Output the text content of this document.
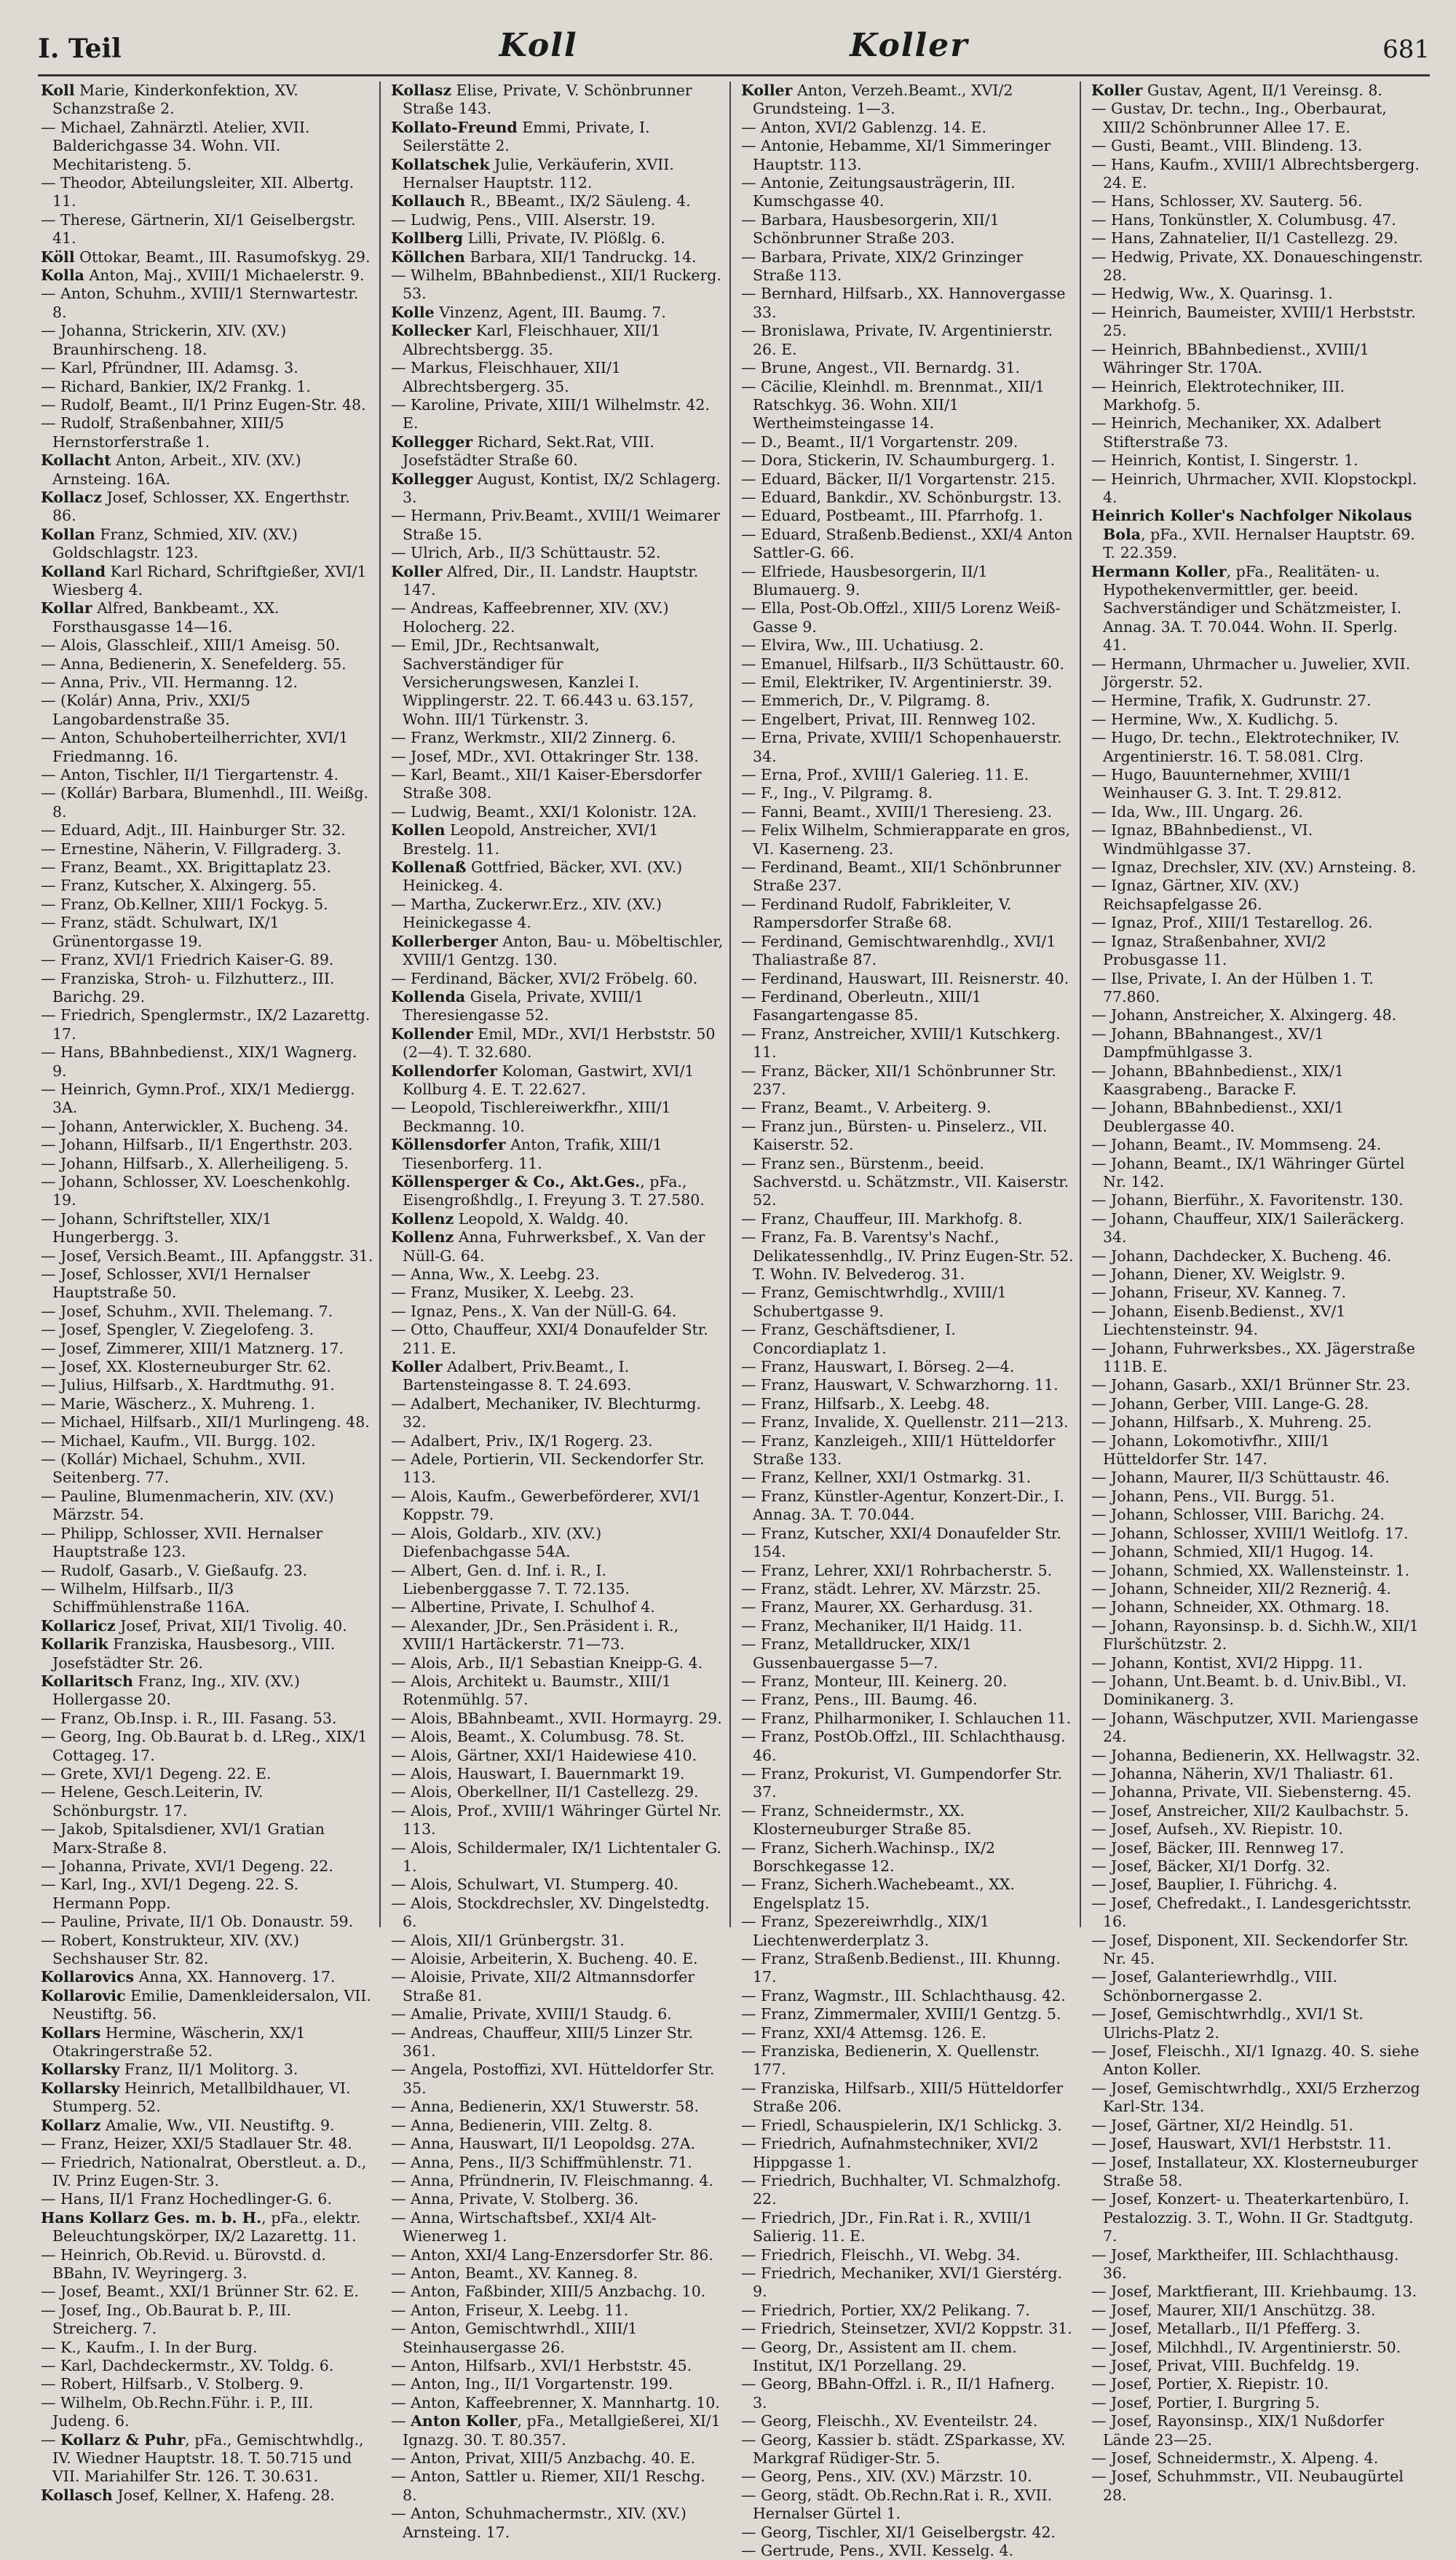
I. Teil	Koll	Koller	681

Koll Marie, Kinderkonfektion, XV. Schanzstraße 2.

— Michael, Zahnärztl. Atelier, XVII. Balderichgasse 34. Wohn. VII. Mechitaristeng. 5.

— Theodor, Abteilungsleiter, XII. Albertg. 11.

— Therese, Gärtnerin, XI/1 Geiselbergstr. 41.

Köll Ottokar, Beamt., III. Rasumofskyg. 29.

Kolla Anton, Maj., XVIII/1 Michaelerstr. 9.

— Anton, Schuhm., XVIII/1 Sternwartestr. 8.

— Johanna, Strickerin, XIV. (XV.) Braunhirscheng. 18.

— Karl, Pfründner, III. Adamsg. 3.

— Richard, Bankier, IX/2 Frankg. 1.

— Rudolf, Beamt., II/1 Prinz Eugen-Str. 48.

— Rudolf, Straßenbahner, XIII/5 Hernstorferstraße 1.

Kollacht Anton, Arbeit., XIV. (XV.) Arnsteing. 16A.

Kollacz Josef, Schlosser, XX. Engerthstr. 86.

Kollan Franz, Schmied, XIV. (XV.) Goldschlagstr. 123.

Kolland Karl Richard, Schriftgießer, XVI/1 Wiesberg 4.

Kollar Alfred, Bankbeamt., XX. Forsthausgasse 14—16.

— Alois, Glasschleif., XIII/1 Ameisg. 50.

— Anna, Bedienerin, X. Senefelderg. 55.

— Anna, Priv., VII. Hermanng. 12.

— (Kolár) Anna, Priv., XXI/5 Langobardenstraße 35.

— Anton, Schuhoberteilherrichter, XVI/1 Friedmanng. 16.

— Anton, Tischler, II/1 Tiergartenstr. 4.

— (Kollár) Barbara, Blumenhdl., III. Weißg. 8.

— Eduard, Adjt., III. Hainburger Str. 32.

— Ernestine, Näherin, V. Fillgraderg. 3.

— Franz, Beamt., XX. Brigittaplatz 23.

— Franz, Kutscher, X. Alxingerg. 55.

— Franz, Ob.Kellner, XIII/1 Fockyg. 5.

— Franz, städt. Schulwart, IX/1 Grünentorgasse 19.

— Franz, XVI/1 Friedrich Kaiser-G. 89.

— Franziska, Stroh- u. Filzhutterz., III. Barichg. 29.

— Friedrich, Spenglermstr., IX/2 Lazarettg. 17.

— Hans, BBahnbedienst., XIX/1 Wagnerg. 9.

— Heinrich, Gymn.Prof., XIX/1 Mediergg. 3A.

— Johann, Anterwickler, X. Bucheng. 34.

— Johann, Hilfsarb., II/1 Engerthstr. 203.

— Johann, Hilfsarb., X. Allerheiligeng. 5.

— Johann, Schlosser, XV. Loeschenkohlg. 19.

— Johann, Schriftsteller, XIX/1 Hungerbergg. 3.

— Josef, Versich.Beamt., III. Apfanggstr. 31.

— Josef, Schlosser, XVI/1 Hernalser Hauptstraße 50.

— Josef, Schuhm., XVII. Thelemang. 7.

— Josef, Spengler, V. Ziegelofeng. 3.

— Josef, Zimmerer, XIII/1 Matznerg. 17.

— Josef, XX. Klosterneuburger Str. 62.

— Julius, Hilfsarb., X. Hardtmuthg. 91.

— Marie, Wäscherz., X. Muhreng. 1.

— Michael, Hilfsarb., XII/1 Murlingeng. 48.

— Michael, Kaufm., VII. Burgg. 102.

— (Kollár) Michael, Schuhm., XVII. Seitenberg. 77.

— Pauline, Blumenmacherin, XIV. (XV.) Märzstr. 54.

— Philipp, Schlosser, XVII. Hernalser Hauptstraße 123.

— Rudolf, Gasarb., V. Gießaufg. 23.

— Wilhelm, Hilfsarb., II/3 Schiffmühlenstraße 116A.

Kollaricz Josef, Privat, XII/1 Tivolig. 40.

Kollarik Franziska, Hausbesorg., VIII. Josefstädter Str. 26.

Kollaritsch Franz, Ing., XIV. (XV.) Hollergasse 20.

— Franz, Ob.Insp. i. R., III. Fasang. 53.

— Georg, Ing. Ob.Baurat b. d. LReg., XIX/1 Cottageg. 17.

— Grete, XVI/1 Degeng. 22. E.

— Helene, Gesch.Leiterin, IV. Schönburgstr. 17.

— Jakob, Spitalsdiener, XVI/1 Gratian Marx-Straße 8.

— Johanna, Private, XVI/1 Degeng. 22.

— Karl, Ing., XVI/1 Degeng. 22. S. Hermann Popp.

— Pauline, Private, II/1 Ob. Donaustr. 59.

— Robert, Konstrukteur, XIV. (XV.) Sechshauser Str. 82.

Kollarovics Anna, XX. Hannoverg. 17.

Kollarovic Emilie, Damenkleidersalon, VII. Neustiftg. 56.

Kollars Hermine, Wäscherin, XX/1 Otakringerstraße 52.

Kollarsky Franz, II/1 Molitorg. 3.

Kollarsky Heinrich, Metallbildhauer, VI. Stumperg. 52.

Kollarz Amalie, Ww., VII. Neustiftg. 9.

— Franz, Heizer, XXI/5 Stadlauer Str. 48.

— Friedrich, Nationalrat, Oberstleut. a. D., IV. Prinz Eugen-Str. 3.

— Hans, II/1 Franz Hochedlinger-G. 6.

Hans Kollarz Ges. m. b. H., pFa., elektr. Beleuchtungskörper, IX/2 Lazarettg. 11.

— Heinrich, Ob.Revid. u. Bürovstd. d. BBahn, IV. Weyringerg. 3.

— Josef, Beamt., XXI/1 Brünner Str. 62. E.

— Josef, Ing., Ob.Baurat b. P., III. Streicherg. 7.

— K., Kaufm., I. In der Burg.

— Karl, Dachdeckermstr., XV. Toldg. 6.

— Robert, Hilfsarb., V. Stolberg. 9.

— Wilhelm, Ob.Rechn.Führ. i. P., III. Judeng. 6.

— Kollarz & Puhr, pFa., Gemischtwhdlg., IV. Wiedner Hauptstr. 18. T. 50.715 und VII. Mariahilfer Str. 126. T. 30.631.

Kollasch Josef, Kellner, X. Hafeng. 28.

Kollasz Elise, Private, V. Schönbrunner Straße 143.

Kollato-Freund Emmi, Private, I. Seilerstätte 2.

Kollatschek Julie, Verkäuferin, XVII. Hernalser Hauptstr. 112.

Kollauch R., BBeamt., IX/2 Säuleng. 4.

— Ludwig, Pens., VIII. Alserstr. 19.

Kollberg Lilli, Private, IV. Plößlg. 6.

Köllchen Barbara, XII/1 Tandruckg. 14.

— Wilhelm, BBahnbedienst., XII/1 Ruckerg. 53.

Kolle Vinzenz, Agent, III. Baumg. 7.

Kollecker Karl, Fleischhauer, XII/1 Albrechtsbergg. 35.

— Markus, Fleischhauer, XII/1 Albrechtsbergerg. 35.

— Karoline, Private, XIII/1 Wilhelmstr. 42. E.

Kollegger Richard, Sekt.Rat, VIII. Josefstädter Straße 60.

Kollegger August, Kontist, IX/2 Schlagerg. 3.

— Hermann, Priv.Beamt., XVIII/1 Weimarer Straße 15.

— Ulrich, Arb., II/3 Schüttaustr. 52.

Koller Alfred, Dir., II. Landstr. Hauptstr. 147.

— Andreas, Kaffeebrenner, XIV. (XV.) Holocherg. 22.

— Emil, JDr., Rechtsanwalt, Sachverständiger für Versicherungswesen, Kanzlei I. Wipplingerstr. 22. T. 66.443 u. 63.157, Wohn. III/1 Türkenstr. 3.

— Franz, Werkmstr., XII/2 Zinnerg. 6.

— Josef, MDr., XVI. Ottakringer Str. 138.

— Karl, Beamt., XII/1 Kaiser-Ebersdorfer Straße 308.

— Ludwig, Beamt., XXI/1 Kolonistr. 12A.

Kollen Leopold, Anstreicher, XVI/1 Brestelg. 11.

Kollenaß Gottfried, Bäcker, XVI. (XV.) Heinickeg. 4.

— Martha, Zuckerwr.Erz., XIV. (XV.) Heinickegasse 4.

Kollerberger Anton, Bau- u. Möbeltischler, XVIII/1 Gentzg. 130.

— Ferdinand, Bäcker, XVI/2 Fröbelg. 60.

Kollenda Gisela, Private, XVIII/1 Theresiengasse 52.

Kollender Emil, MDr., XVI/1 Herbststr. 50 (2—4). T. 32.680.

Kollendorfer Koloman, Gastwirt, XVI/1 Kollburg 4. E. T. 22.627.

— Leopold, Tischlereiwerkfhr., XIII/1 Beckmanng. 10.

Köllensdorfer Anton, Trafik, XIII/1 Tiesenborferg. 11.

Köllensperger & Co., Akt.Ges., pFa., Eisengroßhdlg., I. Freyung 3. T. 27.580.

Kollenz Leopold, X. Waldg. 40.

Kollenz Anna, Fuhrwerksbef., X. Van der Nüll-G. 64.

— Anna, Ww., X. Leebg. 23.

— Franz, Musiker, X. Leebg. 23.

— Ignaz, Pens., X. Van der Nüll-G. 64.

— Otto, Chauffeur, XXI/4 Donaufelder Str. 211. E.

Koller Adalbert, Priv.Beamt., I. Bartensteingasse 8. T. 24.693.

— Adalbert, Mechaniker, IV. Blechturmg. 32.

— Adalbert, Priv., IX/1 Rogerg. 23.

— Adele, Portierin, VII. Seckendorfer Str. 113.

— Alois, Kaufm., Gewerbeförderer, XVI/1 Koppstr. 79.

— Alois, Goldarb., XIV. (XV.) Diefenbachgasse 54A.

— Albert, Gen. d. Inf. i. R., I. Liebenberggasse 7. T. 72.135.

— Albertine, Private, I. Schulhof 4.

— Alexander, JDr., Sen.Präsident i. R., XVIII/1 Hartäckerstr. 71—73.

— Alois, Arb., II/1 Sebastian Kneipp-G. 4.

— Alois, Architekt u. Baumstr., XIII/1 Rotenmühlg. 57.

— Alois, BBahnbeamt., XVII. Hormayrg. 29.

— Alois, Beamt., X. Columbusg. 78. St.

— Alois, Gärtner, XXI/1 Haidewiese 410.

— Alois, Hauswart, I. Bauernmarkt 19.

— Alois, Oberkellner, II/1 Castellezg. 29.

— Alois, Prof., XVIII/1 Währinger Gürtel Nr. 113.

— Alois, Schildermaler, IX/1 Lichtentaler G. 1.

— Alois, Schulwart, VI. Stumperg. 40.

— Alois, Stockdrechsler, XV. Dingelstedtg. 6.

— Alois, XII/1 Grünbergstr. 31.

— Aloisie, Arbeiterin, X. Bucheng. 40. E.

— Aloisie, Private, XII/2 Altmannsdorfer Straße 81.

— Amalie, Private, XVIII/1 Staudg. 6.

— Andreas, Chauffeur, XIII/5 Linzer Str. 361.

— Angela, Postoffizi, XVI. Hütteldorfer Str. 35.

— Anna, Bedienerin, XX/1 Stuwerstr. 58.

— Anna, Bedienerin, VIII. Zeltg. 8.

— Anna, Hauswart, II/1 Leopoldsg. 27A.

— Anna, Pens., II/3 Schiffmühlenstr. 71.

— Anna, Pfründnerin, IV. Fleischmanng. 4.

— Anna, Private, V. Stolberg. 36.

— Anna, Wirtschaftsbef., XXI/4 Alt-Wienerweg 1.

— Anton, XXI/4 Lang-Enzersdorfer Str. 86.

— Anton, Beamt., XV. Kanneg. 8.

— Anton, Faßbinder, XIII/5 Anzbachg. 10.

— Anton, Friseur, X. Leebg. 11.

— Anton, Gemischtwrhdl., XIII/1 Steinhausergasse 26.

— Anton, Hilfsarb., XVI/1 Herbststr. 45.

— Anton, Ing., II/1 Vorgartenstr. 199.

— Anton, Kaffeebrenner, X. Mannhartg. 10.

— Anton Koller, pFa., Metallgießerei, XI/1 Ignazg. 30. T. 80.357.

— Anton, Privat, XIII/5 Anzbachg. 40. E.

— Anton, Sattler u. Riemer, XII/1 Reschg. 8.

— Anton, Schuhmachermstr., XIV. (XV.) Arnsteing. 17.

Koller Anton, Verzeh.Beamt., XVI/2 Grundsteing. 1—3.

— Anton, XVI/2 Gablenzg. 14. E.

— Antonie, Hebamme, XI/1 Simmeringer Hauptstr. 113.

— Antonie, Zeitungsausträgerin, III. Kumschgasse 40.

— Barbara, Hausbesorgerin, XII/1 Schönbrunner Straße 203.

— Barbara, Private, XIX/2 Grinzinger Straße 113.

— Bernhard, Hilfsarb., XX. Hannovergasse 33.

— Bronislawa, Private, IV. Argentinierstr. 26. E.

— Brune, Angest., VII. Bernardg. 31.

— Cäcilie, Kleinhdl. m. Brennmat., XII/1 Ratschkyg. 36. Wohn. XII/1 Wertheimsteingasse 14.

— D., Beamt., II/1 Vorgartenstr. 209.

— Dora, Stickerin, IV. Schaumburgerg. 1.

— Eduard, Bäcker, II/1 Vorgartenstr. 215.

— Eduard, Bankdir., XV. Schönburgstr. 13.

— Eduard, Postbeamt., III. Pfarrhofg. 1.

— Eduard, Straßenb.Bedienst., XXI/4 Anton Sattler-G. 66.

— Elfriede, Hausbesorgerin, II/1 Blumauerg. 9.

— Ella, Post-Ob.Offzl., XIII/5 Lorenz Weiß-Gasse 9.

— Elvira, Ww., III. Uchatiusg. 2.

— Emanuel, Hilfsarb., II/3 Schüttaustr. 60.

— Emil, Elektriker, IV. Argentinierstr. 39.

— Emmerich, Dr., V. Pilgramg. 8.

— Engelbert, Privat, III. Rennweg 102.

— Erna, Private, XVIII/1 Schopenhauerstr. 34.

— Erna, Prof., XVIII/1 Galerieg. 11. E.

— F., Ing., V. Pilgramg. 8.

— Fanni, Beamt., XVIII/1 Theresieng. 23.

— Felix Wilhelm, Schmierapparate en gros, VI. Kaserneng. 23.

— Ferdinand, Beamt., XII/1 Schönbrunner Straße 237.

— Ferdinand Rudolf, Fabrikleiter, V. Rampersdorfer Straße 68.

— Ferdinand, Gemischtwarenhdlg., XVI/1 Thaliastraße 87.

— Ferdinand, Hauswart, III. Reisnerstr. 40.

— Ferdinand, Oberleutn., XIII/1 Fasangartengasse 85.

— Franz, Anstreicher, XVIII/1 Kutschkerg. 11.

— Franz, Bäcker, XII/1 Schönbrunner Str. 237.

— Franz, Beamt., V. Arbeiterg. 9.

— Franz jun., Bürsten- u. Pinselerz., VII. Kaiserstr. 52.

— Franz sen., Bürstenm., beeid. Sachverstd. u. Schätzmstr., VII. Kaiserstr. 52.

— Franz, Chauffeur, III. Markhofg. 8.

— Franz, Fa. B. Varentsy's Nachf., Delikatessenhdlg., IV. Prinz Eugen-Str. 52. T. Wohn. IV. Belvederog. 31.

— Franz, Gemischtwrhdlg., XVIII/1 Schubertgasse 9.

— Franz, Geschäftsdiener, I. Concordiaplatz 1.

— Franz, Hauswart, I. Börseg. 2—4.

— Franz, Hauswart, V. Schwarzhorng. 11.

— Franz, Hilfsarb., X. Leebg. 48.

— Franz, Invalide, X. Quellenstr. 211—213.

— Franz, Kanzleigeh., XIII/1 Hütteldorfer Straße 133.

— Franz, Kellner, XXI/1 Ostmarkg. 31.

— Franz, Künstler-Agentur, Konzert-Dir., I. Annag. 3A. T. 70.044.

— Franz, Kutscher, XXI/4 Donaufelder Str. 154.

— Franz, Lehrer, XXI/1 Rohrbacherstr. 5.

— Franz, städt. Lehrer, XV. Märzstr. 25.

— Franz, Maurer, XX. Gerhardusg. 31.

— Franz, Mechaniker, II/1 Haidg. 11.

— Franz, Metalldrucker, XIX/1 Gussenbauergasse 5—7.

— Franz, Monteur, III. Keinerg. 20.

— Franz, Pens., III. Baumg. 46.

— Franz, Philharmoniker, I. Schlauchen 11.

— Franz, PostOb.Offzl., III. Schlachthausg. 46.

— Franz, Prokurist, VI. Gumpendorfer Str. 37.

— Franz, Schneidermstr., XX. Klosterneuburger Straße 85.

— Franz, Sicherh.Wachinsp., IX/2 Borschkegasse 12.

— Franz, Sicherh.Wachebeamt., XX. Engelsplatz 15.

— Franz, Spezereiwrhdlg., XIX/1 Liechtenwerderplatz 3.

— Franz, Straßenb.Bedienst., III. Khunng. 17.

— Franz, Wagmstr., III. Schlachthausg. 42.

— Franz, Zimmermaler, XVIII/1 Gentzg. 5.

— Franz, XXI/4 Attemsg. 126. E.

— Franziska, Bedienerin, X. Quellenstr. 177.

— Franziska, Hilfsarb., XIII/5 Hütteldorfer Straße 206.

— Friedl, Schauspielerin, IX/1 Schlickg. 3.

— Friedrich, Aufnahmstechniker, XVI/2 Hippgasse 1.

— Friedrich, Buchhalter, VI. Schmalzhofg. 22.

— Friedrich, JDr., Fin.Rat i. R., XVIII/1 Salierig. 11. E.

— Friedrich, Fleischh., VI. Webg. 34.

— Friedrich, Mechaniker, XVI/1 Gierstérg. 9.

— Friedrich, Portier, XX/2 Pelikang. 7.

— Friedrich, Steinsetzer, XVI/2 Koppstr. 31.

— Georg, Dr., Assistent am II. chem. Institut, IX/1 Porzellang. 29.

— Georg, BBahn-Offzl. i. R., II/1 Hafnerg. 3.

— Georg, Fleischh., XV. Eventeilstr. 24.

— Georg, Kassier b. städt. ZSparkasse, XV. Markgraf Rüdiger-Str. 5.

— Georg, Pens., XIV. (XV.) Märzstr. 10.

— Georg, städt. Ob.Rechn.Rat i. R., XVII. Hernalser Gürtel 1.

— Georg, Tischler, XI/1 Geiselbergstr. 42.

— Gertrude, Pens., XVII. Kesselg. 4.

Koller Gustav, Agent, II/1 Vereinsg. 8.

— Gustav, Dr. techn., Ing., Oberbaurat, XIII/2 Schönbrunner Allee 17. E.

— Gusti, Beamt., VIII. Blindeng. 13.

— Hans, Kaufm., XVIII/1 Albrechtsbergerg. 24. E.

— Hans, Schlosser, XV. Sauterg. 56.

— Hans, Tonkünstler, X. Columbusg. 47.

— Hans, Zahnatelier, II/1 Castellezg. 29.

— Hedwig, Private, XX. Donaueschingenstr. 28.

— Hedwig, Ww., X. Quarinsg. 1.

— Heinrich, Baumeister, XVIII/1 Herbststr. 25.

— Heinrich, BBahnbedienst., XVIII/1 Währinger Str. 170A.

— Heinrich, Elektrotechniker, III. Markhofg. 5.

— Heinrich, Mechaniker, XX. Adalbert Stifterstraße 73.

— Heinrich, Kontist, I. Singerstr. 1.

— Heinrich, Uhrmacher, XVII. Klopstockpl. 4.

Heinrich Koller's Nachfolger Nikolaus Bola, pFa., XVII. Hernalser Hauptstr. 69. T. 22.359.

Hermann Koller, pFa., Realitäten- u. Hypothekenvermittler, ger. beeid. Sachverständiger und Schätzmeister, I. Annag. 3A. T. 70.044. Wohn. II. Sperlg. 41.

— Hermann, Uhrmacher u. Juwelier, XVII. Jörgerstr. 52.

— Hermine, Trafik, X. Gudrunstr. 27.

— Hermine, Ww., X. Kudlichg. 5.

— Hugo, Dr. techn., Elektrotechniker, IV. Argentinierstr. 16. T. 58.081. Clrg.

— Hugo, Bauunternehmer, XVIII/1 Weinhauser G. 3. Int. T. 29.812.

— Ida, Ww., III. Ungarg. 26.

— Ignaz, BBahnbedienst., VI. Windmühlgasse 37.

— Ignaz, Drechsler, XIV. (XV.) Arnsteing. 8.

— Ignaz, Gärtner, XIV. (XV.) Reichsapfelgasse 26.

— Ignaz, Prof., XIII/1 Testarellog. 26.

— Ignaz, Straßenbahner, XVI/2 Probusgasse 11.

— Ilse, Private, I. An der Hülben 1. T. 77.860.

— Johann, Anstreicher, X. Alxingerg. 48.

— Johann, BBahnangest., XV/1 Dampfmühlgasse 3.

— Johann, BBahnbedienst., XIX/1 Kaasgrabeng., Baracke F.

— Johann, BBahnbedienst., XXI/1 Deublergasse 40.

— Johann, Beamt., IV. Mommseng. 24.

— Johann, Beamt., IX/1 Währinger Gürtel Nr. 142.

— Johann, Bierführ., X. Favoritenstr. 130.

— Johann, Chauffeur, XIX/1 Saileräckerg. 34.

— Johann, Dachdecker, X. Bucheng. 46.

— Johann, Diener, XV. Weiglstr. 9.

— Johann, Friseur, XV. Kanneg. 7.

— Johann, Eisenb.Bedienst., XV/1 Liechtensteinstr. 94.

— Johann, Fuhrwerksbes., XX. Jägerstraße 111B. E.

— Johann, Gasarb., XXI/1 Brünner Str. 23.

— Johann, Gerber, VIII. Lange-G. 28.

— Johann, Hilfsarb., X. Muhreng. 25.

— Johann, Lokomotivfhr., XIII/1 Hütteldorfer Str. 147.

— Johann, Maurer, II/3 Schüttaustr. 46.

— Johann, Pens., VII. Burgg. 51.

— Johann, Schlosser, VIII. Barichg. 24.

— Johann, Schlosser, XVIII/1 Weitlofg. 17.

— Johann, Schmied, XII/1 Hugog. 14.

— Johann, Schmied, XX. Wallensteinstr. 1.

— Johann, Schneider, XII/2 Rezneriĝ. 4.

— Johann, Schneider, XX. Othmarg. 18.

— Johann, Rayonsinsp. b. d. Sichh.W., XII/1 Fluršchützstr. 2.

— Johann, Kontist, XVI/2 Hippg. 11.

— Johann, Unt.Beamt. b. d. Univ.Bibl., VI. Dominikanerg. 3.

— Johann, Wäschputzer, XVII. Mariengasse 24.

— Johanna, Bedienerin, XX. Hellwagstr. 32.

— Johanna, Näherin, XV/1 Thaliastr. 61.

— Johanna, Private, VII. Siebensterng. 45.

— Josef, Anstreicher, XII/2 Kaulbachstr. 5.

— Josef, Aufseh., XV. Riepistr. 10.

— Josef, Bäcker, III. Rennweg 17.

— Josef, Bäcker, XI/1 Dorfg. 32.

— Josef, Bauplier, I. Führichg. 4.

— Josef, Chefredakt., I. Landesgerichtsstr. 16.

— Josef, Disponent, XII. Seckendorfer Str. Nr. 45.

— Josef, Galanteriewrhdlg., VIII. Schönbornergasse 2.

— Josef, Gemischtwrhdlg., XVI/1 St. Ulrichs-Platz 2.

— Josef, Fleischh., XI/1 Ignazg. 40. S. siehe Anton Koller.

— Josef, Gemischtwrhdlg., XXI/5 Erzherzog Karl-Str. 134.

— Josef, Gärtner, XI/2 Heindlg. 51.

— Josef, Hauswart, XVI/1 Herbststr. 11.

— Josef, Installateur, XX. Klosterneuburger Straße 58.

— Josef, Konzert- u. Theaterkartenbüro, I. Pestalozzig. 3. T., Wohn. II Gr. Stadtgutg. 7.

— Josef, Marktheifer, III. Schlachthausg. 36.

— Josef, Marktfierant, III. Kriehbaumg. 13.

— Josef, Maurer, XII/1 Anschützg. 38.

— Josef, Metallarb., II/1 Pfefferg. 3.

— Josef, Milchhdl., IV. Argentinierstr. 50.

— Josef, Privat, VIII. Buchfeldg. 19.

— Josef, Portier, X. Riepistr. 10.

— Josef, Portier, I. Burgring 5.

— Josef, Rayonsinsp., XIX/1 Nußdorfer Lände 23—25.

— Josef, Schneidermstr., X. Alpeng. 4.

— Josef, Schuhmmstr., VII. Neubaugürtel 28.
